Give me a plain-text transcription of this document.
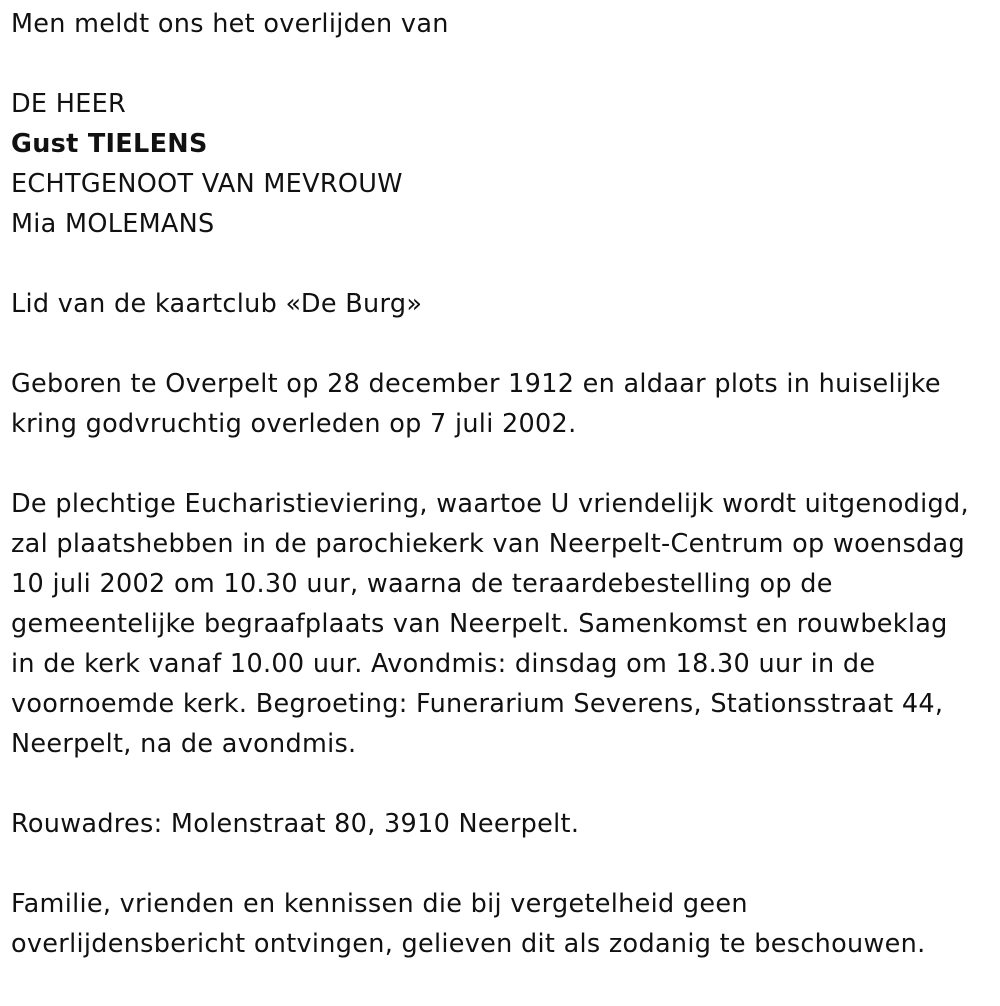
Men meldt ons het overlijden van
DE HEER
Gust TIELENS
ECHTGENOOT VAN MEVROUW
Mia MOLEMANS
Lid van de kaartclub «De Burg»
Geboren te Overpelt op 28 december 1912 en aldaar plots in huiselijke
kring godvruchtig overleden op 7 juli 2002.
De plechtige Eucharistieviering, waartoe U vriendelijk wordt uitgenodigd,
zal plaatshebben in de parochiekerk van Neerpelt-Centrum op woensdag
10 juli 2002 om 10.30 uur, waarna de teraardebestelling op de
gemeentelijke begraafplaats van Neerpelt. Samenkomst en rouwbeklag
in de kerk vanaf 10.00 uur. Avondmis: dinsdag om 18.30 uur in de
voornoemde kerk. Begroeting: Funerarium Severens, Stationsstraat 44,
Neerpelt, na de avondmis.
Rouwadres: Molenstraat 80, 3910 Neerpelt.
Familie, vrienden en kennissen die bij vergetelheid geen
overlijdensbericht ontvingen, gelieven dit als zodanig te beschouwen.
